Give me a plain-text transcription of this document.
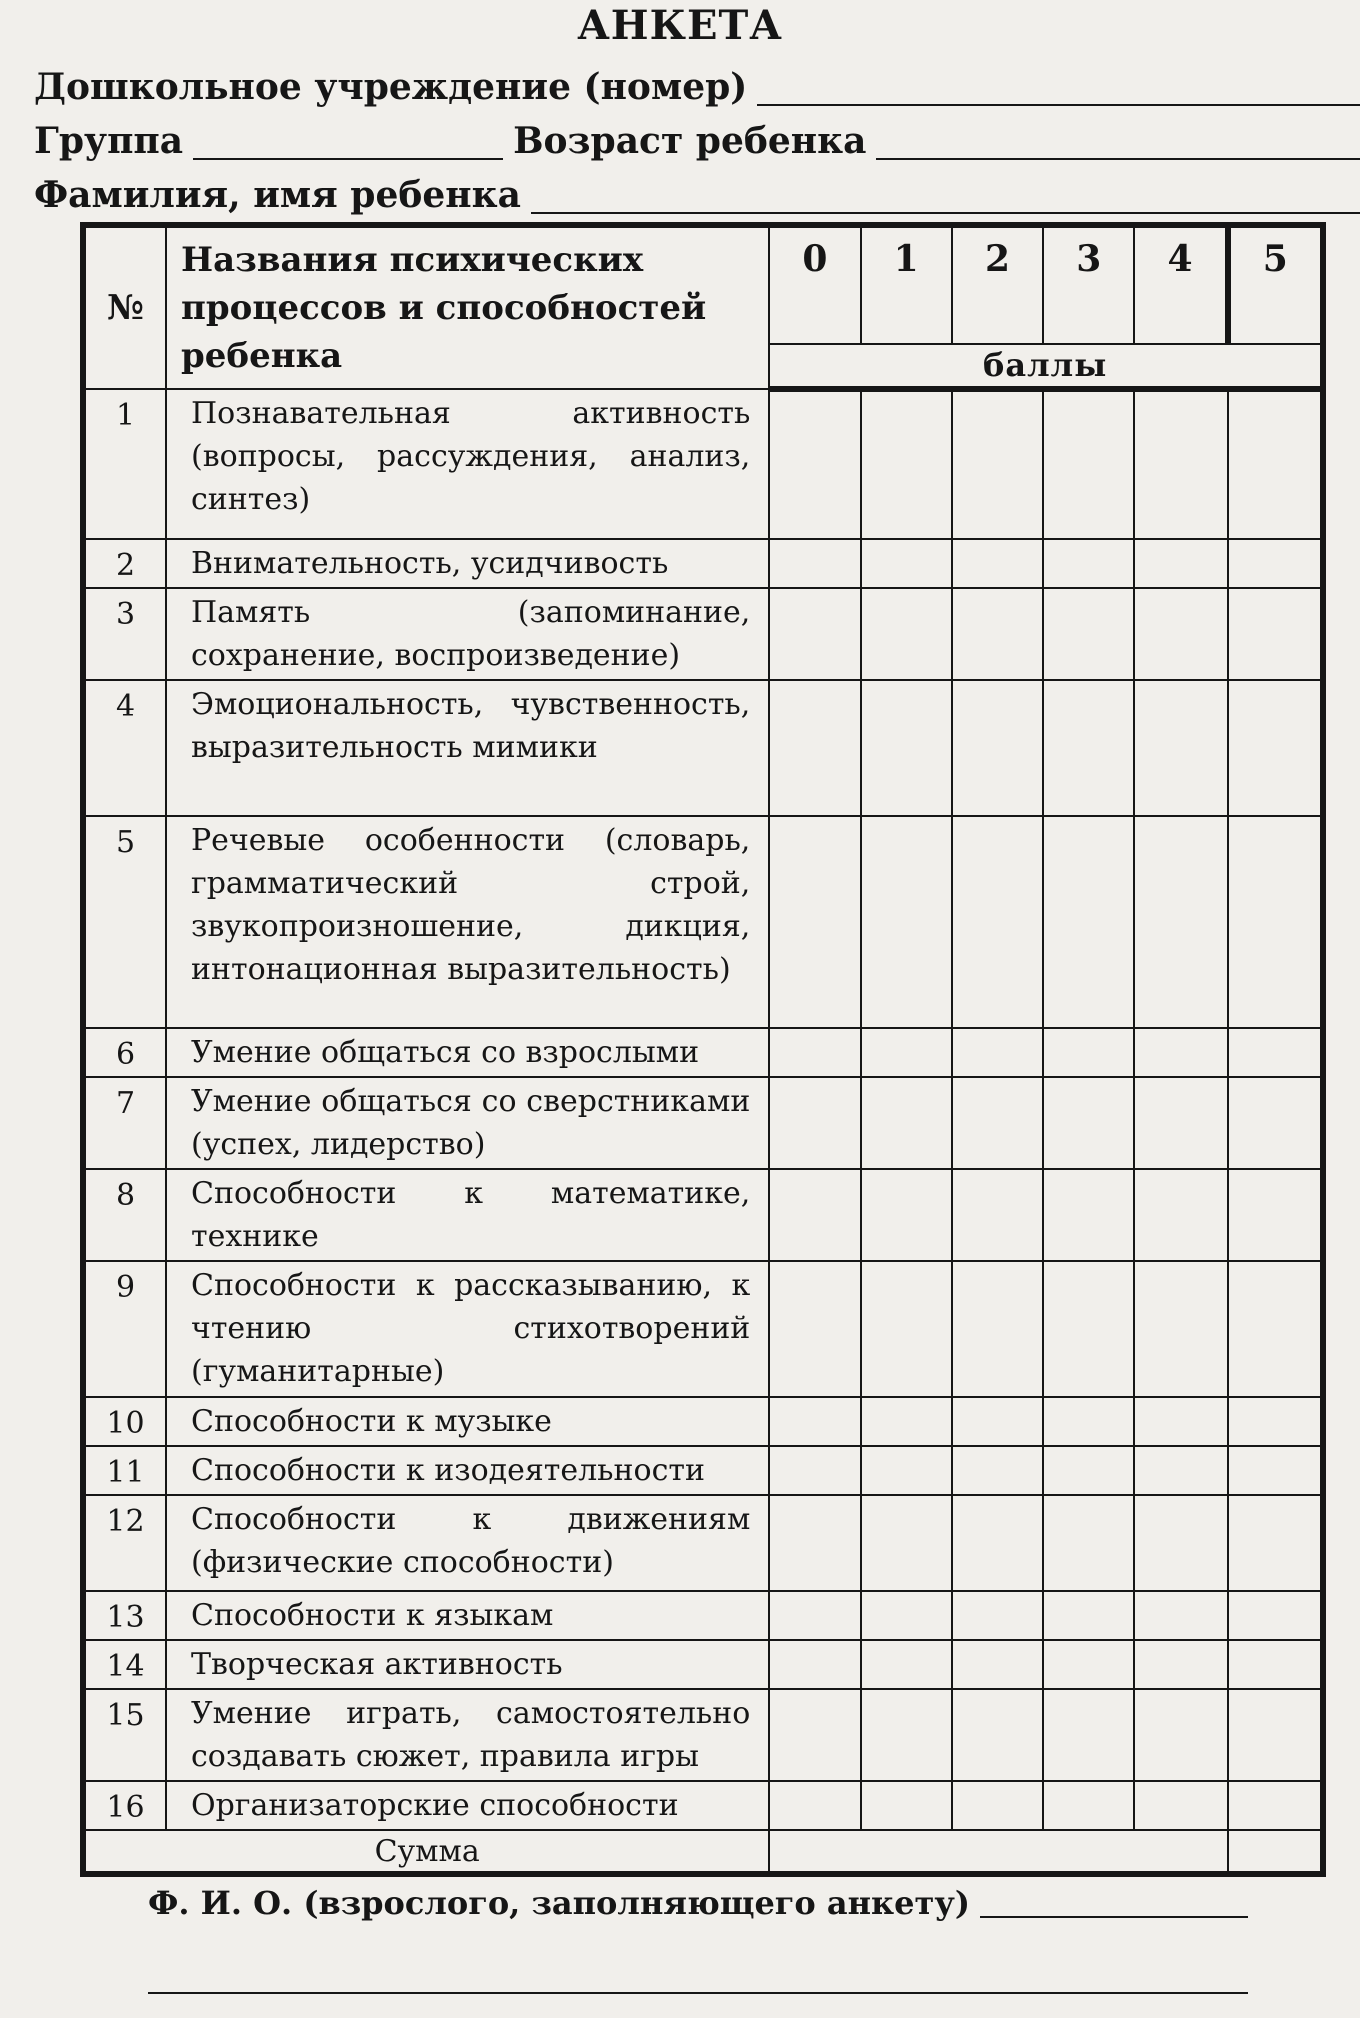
АНКЕТА
Дошкольное учреждение (номер)
Группа	Возраст ребенка
Фамилия, имя ребенка
№	Названия психических процессов и способностей ребенка	0	1	2	3	4	5
		баллы					
1	Познавательная активность (вопросы, рассуждения, анализ, синтез)						
2	Внимательность, усидчивость						
3	Память (запоминание, сохранение, воспроизведение)						
4	Эмоциональность, чувственность, выразительность мимики						
5	Речевые особенности (словарь, грамматический строй, звукопроизношение, дикция, интонационная выразительность)						
6	Умение общаться со взрослыми						
7	Умение общаться со сверстниками (успех, лидерство)						
8	Способности к математике, технике						
9	Способности к рассказыванию, к чтению стихотворений (гуманитарные)						
10	Способности к музыке						
11	Способности к изодеятельности						
12	Способности к движениям (физические способности)						
13	Способности к языкам						
14	Творческая активность						
15	Умение играть, самостоятельно создавать сюжет, правила игры						
16	Организаторские способности						
Сумма							
Ф. И. О. (взрослого, заполняющего анкету)
